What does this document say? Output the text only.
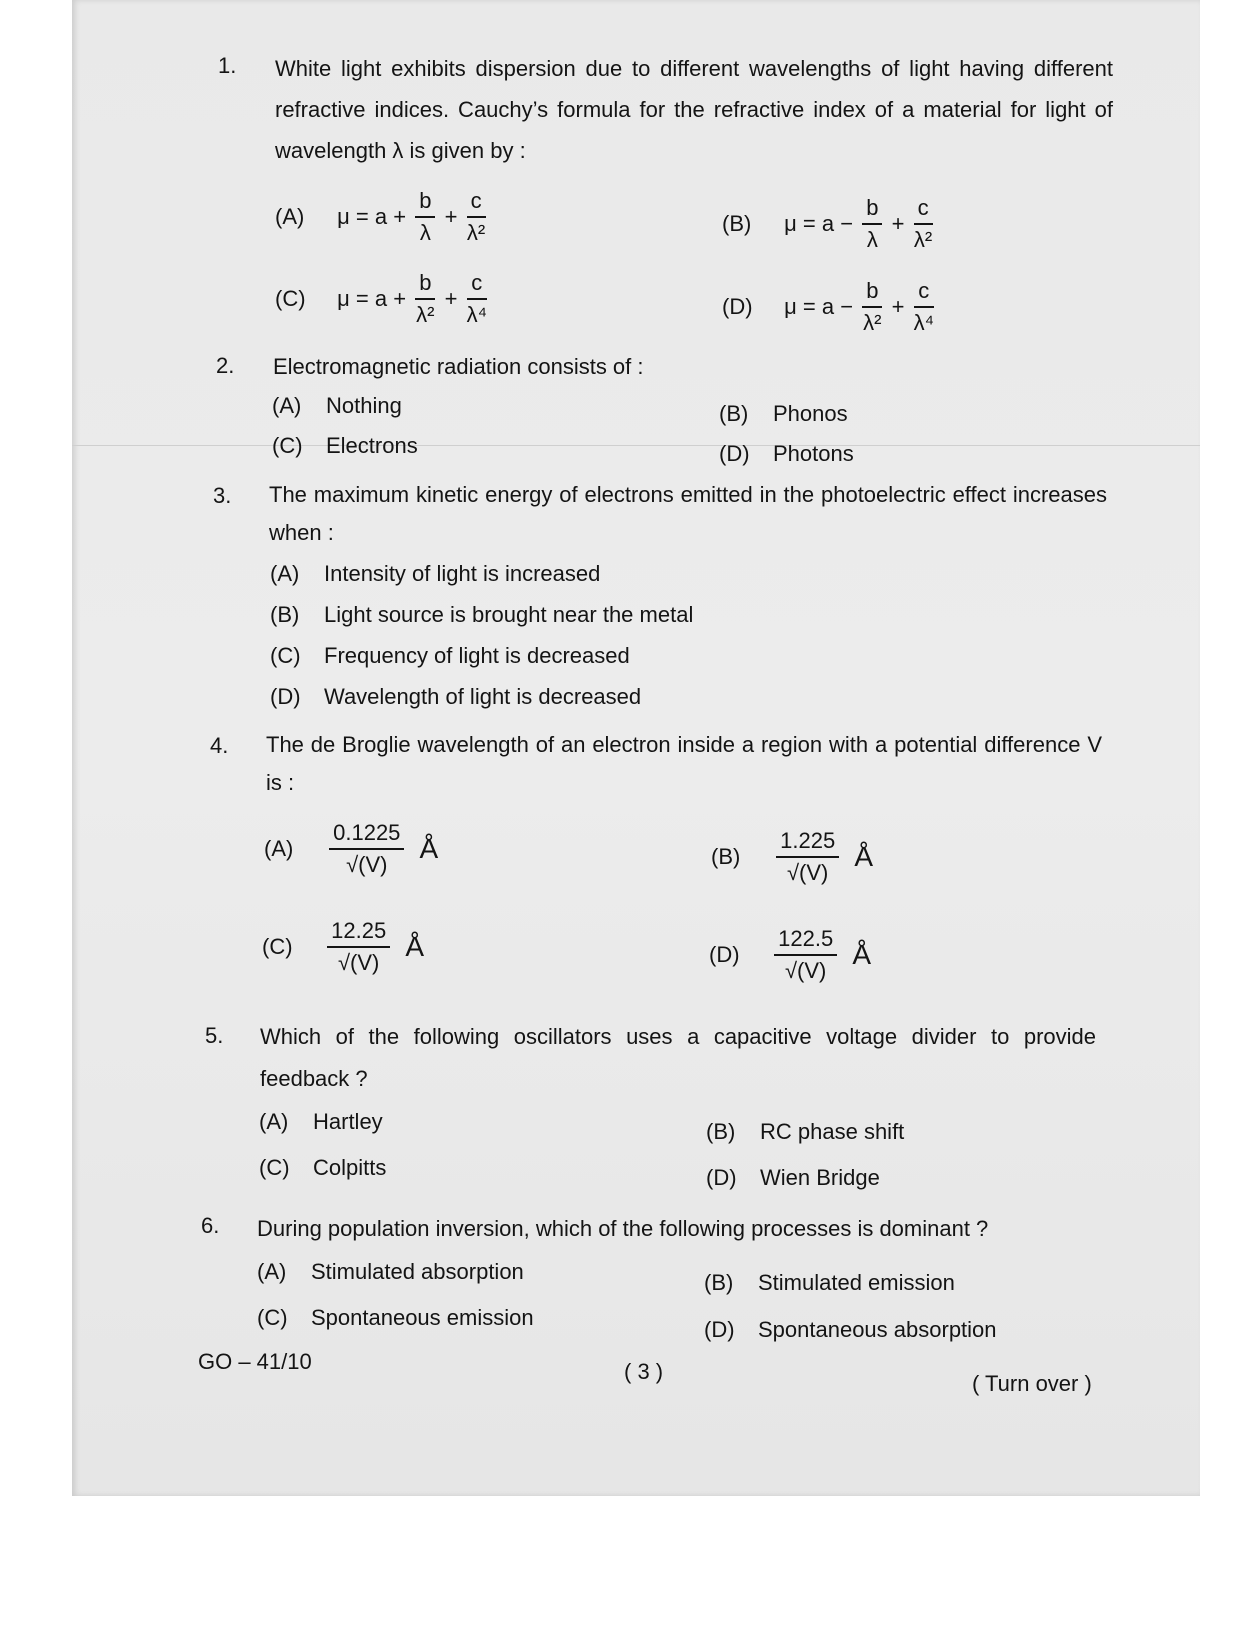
1. White light exhibits dispersion due to different wavelengths of light having different refractive indices. Cauchy’s formula for the refractive index of a material for light of wavelength λ is given by :
(A) $\mu = a + \frac{b}{\lambda} + \frac{c}{\text{λ²}}$	(B) $\mu = a - \frac{b}{\lambda} + \frac{c}{\text{λ²}}$
(C) $\mu = a + \frac{b}{\text{λ²}} + \frac{c}{\text{λ⁴}}$	(D) $\mu = a - \frac{b}{\text{λ²}} + \frac{c}{\text{λ⁴}}$
2. Electromagnetic radiation consists of :
(A) Nothing	(B) Phonos
(C) Electrons	(D) Photons
3. The maximum kinetic energy of electrons emitted in the photoelectric effect increases when :
(A) Intensity of light is increased
(B) Light source is brought near the metal
(C) Frequency of light is decreased
(D) Wavelength of light is decreased
4. The de Broglie wavelength of an electron inside a region with a potential difference V is :
$(A) \frac{0.1225}{√(V)}$ Å	$(B) \frac{1.225}{√(V)}$ Å
$(C) \frac{12.25}{√(V)}$ Å	$(D) \frac{122.5}{√(V)}$ Å
5. Which of the following oscillators uses a capacitive voltage divider to provide feedback ?
(A) Hartley	(B) RC phase shift
(C) Colpitts	(D) Wien Bridge
6. During population inversion, which of the following processes is dominant ?
(A) Stimulated absorption	(B) Stimulated emission
(C) Spontaneous emission	(D) Spontaneous absorption
GO – 41/10	( 3 )	( Turn over )
